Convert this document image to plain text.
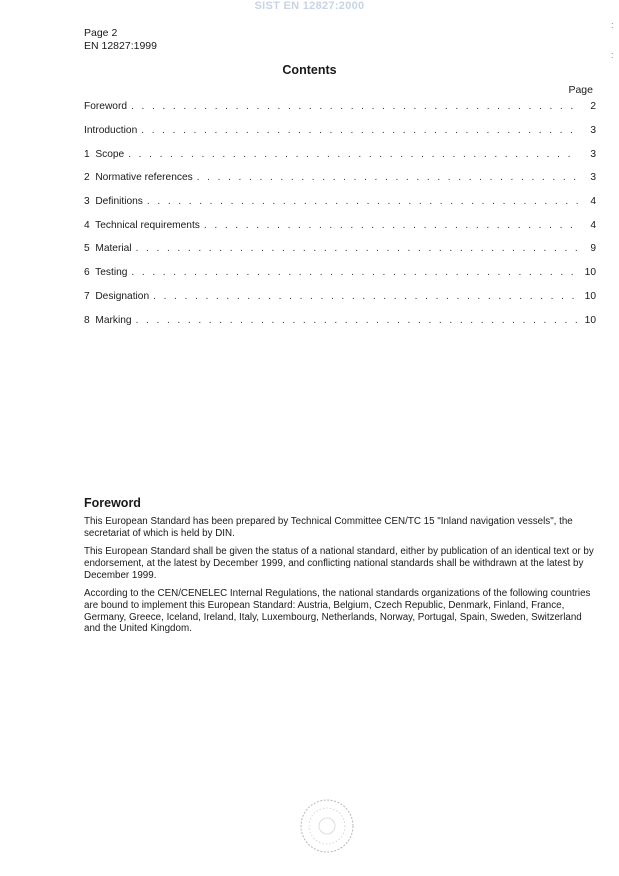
SIST EN 12827:2000
Page 2
EN 12827:1999
:
:
Contents
Page
Foreword . . .	2
Introduction . . .	3
1  Scope . . .	3
2  Normative references . . .	3
3  Definitions . . .	4
4  Technical requirements . . .	4
5  Material . . .	9
6  Testing . . .	10
7  Designation . . .	10
8  Marking . . .	10
Foreword

This European Standard has been prepared by Technical Committee CEN/TC 15 "Inland navigation vessels", the secretariat of which is held by DIN.

This European Standard shall be given the status of a national standard, either by publication of an identical text or by endorsement, at the latest by December 1999, and conflicting national standards shall be withdrawn at the latest by December 1999.

According to the CEN/CENELEC Internal Regulations, the national standards organizations of the following countries are bound to implement this European Standard: Austria, Belgium, Czech Republic, Denmark, Finland, France, Germany, Greece, Iceland, Ireland, Italy, Luxembourg, Netherlands, Norway, Portugal, Spain, Sweden, Switzerland and the United Kingdom.
